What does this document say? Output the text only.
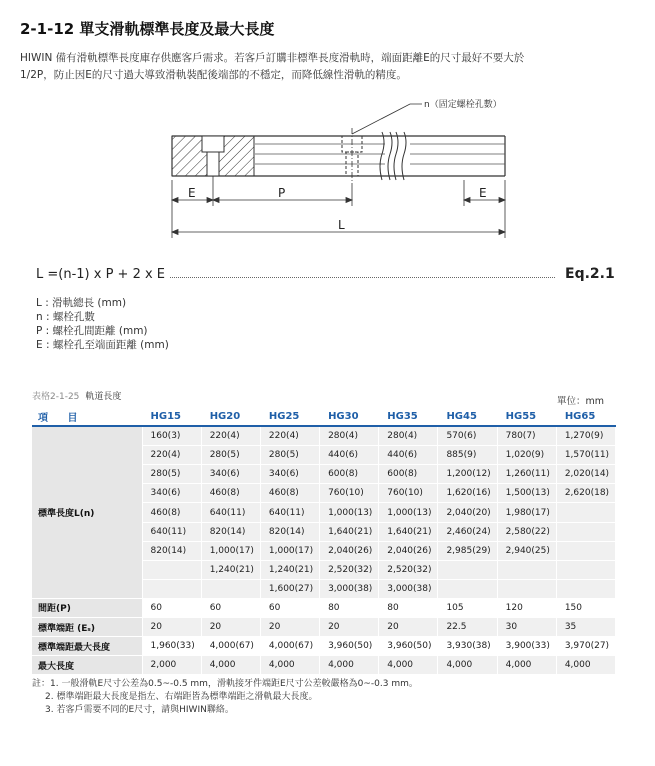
2-1-12 單支滑軌標準長度及最大長度
HIWIN 備有滑軌標準長度庫存供應客戶需求。若客戶訂購非標準長度滑軌時，端面距離E的尺寸最好不要大於
1/2P，防止因E的尺寸過大導致滑軌裝配後端部的不穩定，而降低線性滑軌的精度。
n（固定螺栓孔數）
E	P	E
L
L =(n-1) x P + 2 x E	Eq.2.1
L : 滑軌總長 (mm)
n : 螺栓孔數
P : 螺栓孔間距離 (mm)
E : 螺栓孔至端面距離 (mm)
表格2-1-25 軌道長度	單位：mm
項 目	HG15	HG20	HG25	HG30	HG35	HG45	HG55	HG65
標準長度L(n)	160(3)	220(4)	220(4)	280(4)	280(4)	570(6)	780(7)	1,270(9)
	220(4)	280(5)	280(5)	440(6)	440(6)	885(9)	1,020(9)	1,570(11)
	280(5)	340(6)	340(6)	600(8)	600(8)	1,200(12)	1,260(11)	2,020(14)
	340(6)	460(8)	460(8)	760(10)	760(10)	1,620(16)	1,500(13)	2,620(18)
	460(8)	640(11)	640(11)	1,000(13)	1,000(13)	2,040(20)	1,980(17)	
	640(11)	820(14)	820(14)	1,640(21)	1,640(21)	2,460(24)	2,580(22)	
	820(14)	1,000(17)	1,000(17)	2,040(26)	2,040(26)	2,985(29)	2,940(25)	
		1,240(21)	1,240(21)	2,520(32)	2,520(32)			
			1,600(27)	3,000(38)	3,000(38)			
間距(P)	60	60	60	80	80	105	120	150
標準端距 (Eₛ)	20	20	20	20	20	22.5	30	35
標準端距最大長度	1,960(33)	4,000(67)	4,000(67)	3,960(50)	3,960(50)	3,930(38)	3,900(33)	3,970(27)
最大長度	2,000	4,000	4,000	4,000	4,000	4,000	4,000	4,000
註：1. 一般滑軌E尺寸公差為0.5~-0.5 mm，滑軌接牙件端距E尺寸公差較嚴格為0~-0.3 mm。
2. 標準端距最大長度是指左、右端距皆為標準端距之滑軌最大長度。
3. 若客戶需要不同的E尺寸，請與HIWIN聯絡。
